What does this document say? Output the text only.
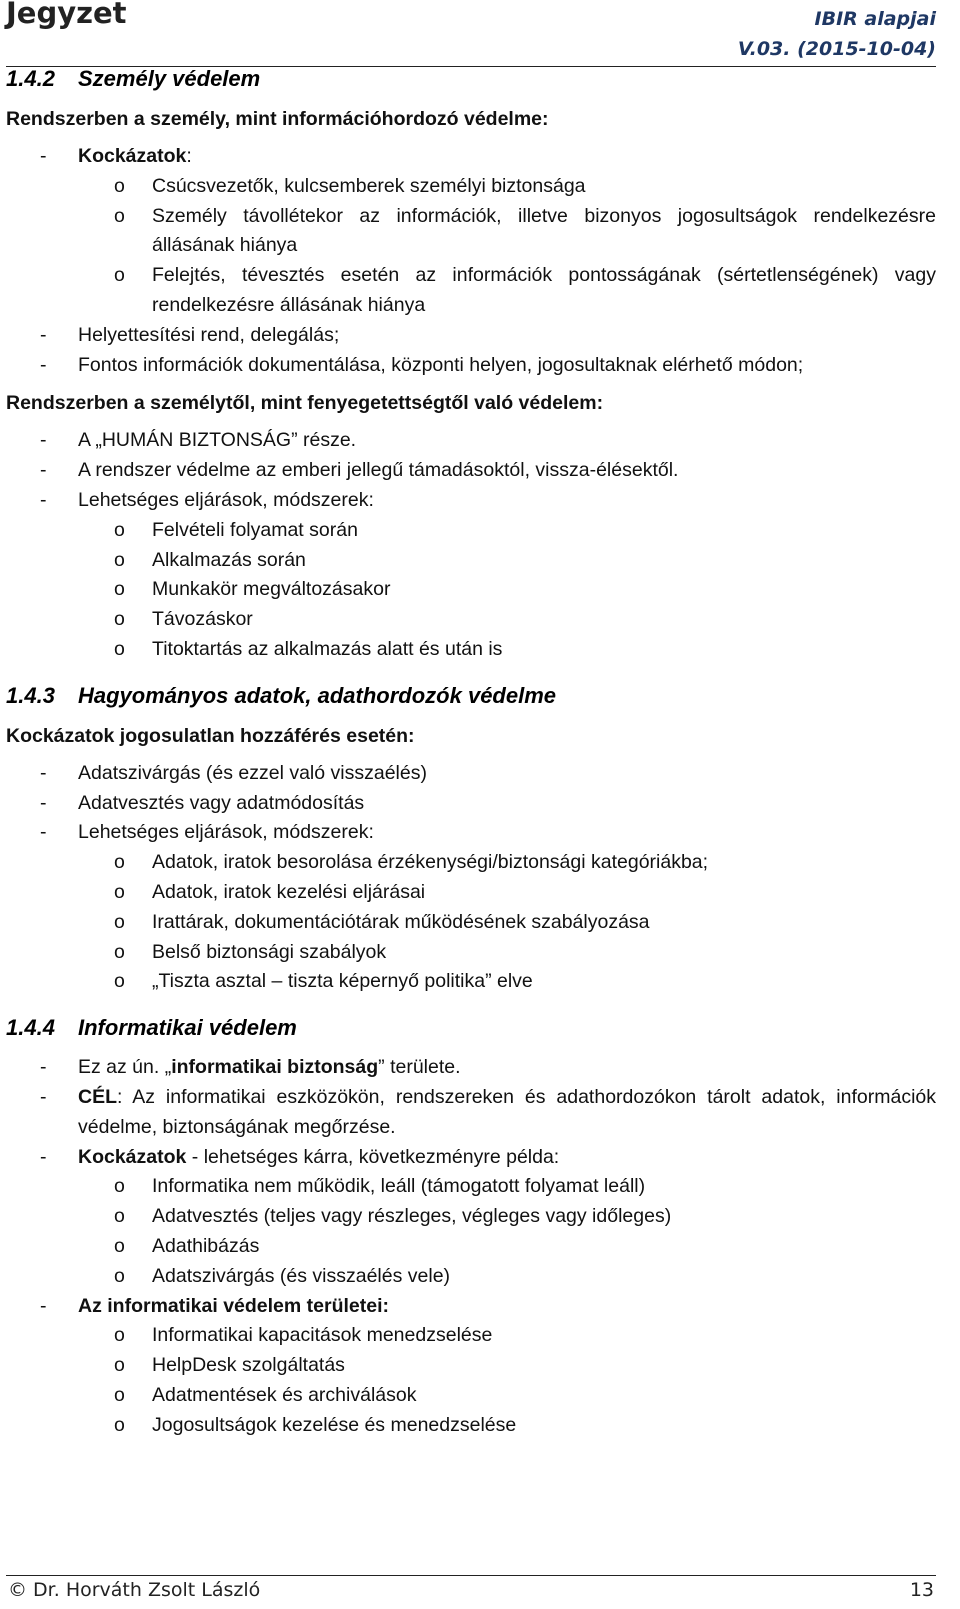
Jegyzet	IBIR alapjai
V.03. (2015-10-04)
1.4.2 Személy védelem
Rendszerben a személy, mint információhordozó védelme:
- Kockázatok:
o Csúcsvezetők, kulcsemberek személyi biztonsága
o Személy távollétekor az információk, illetve bizonyos jogosultságok rendelkezésre állásának hiánya
o Felejtés, tévesztés esetén az információk pontosságának (sértetlenségének) vagy rendelkezésre állásának hiánya
- Helyettesítési rend, delegálás;
- Fontos információk dokumentálása, központi helyen, jogosultaknak elérhető módon;
Rendszerben a személytől, mint fenyegetettségtől való védelem:
- A „HUMÁN BIZTONSÁG” része.
- A rendszer védelme az emberi jellegű támadásoktól, vissza-élésektől.
- Lehetséges eljárások, módszerek:
o Felvételi folyamat során
o Alkalmazás során
o Munkakör megváltozásakor
o Távozáskor
o Titoktartás az alkalmazás alatt és után is
1.4.3 Hagyományos adatok, adathordozók védelme
Kockázatok jogosulatlan hozzáférés esetén:
- Adatszivárgás (és ezzel való visszaélés)
- Adatvesztés vagy adatmódosítás
- Lehetséges eljárások, módszerek:
o Adatok, iratok besorolása érzékenységi/biztonsági kategóriákba;
o Adatok, iratok kezelési eljárásai
o Irattárak, dokumentációtárak működésének szabályozása
o Belső biztonsági szabályok
o „Tiszta asztal – tiszta képernyő politika” elve
1.4.4 Informatikai védelem
- Ez az ún. „informatikai biztonság” területe.
- CÉL: Az informatikai eszközökön, rendszereken és adathordozókon tárolt adatok, információk védelme, biztonságának megőrzése.
- Kockázatok - lehetséges kárra, következményre példa:
o Informatika nem működik, leáll (támogatott folyamat leáll)
o Adatvesztés (teljes vagy részleges, végleges vagy időleges)
o Adathibázás
o Adatszivárgás (és visszaélés vele)
- Az informatikai védelem területei:
o Informatikai kapacitások menedzselése
o HelpDesk szolgáltatás
o Adatmentések és archiválások
o Jogosultságok kezelése és menedzselése
© Dr. Horváth Zsolt László	13
